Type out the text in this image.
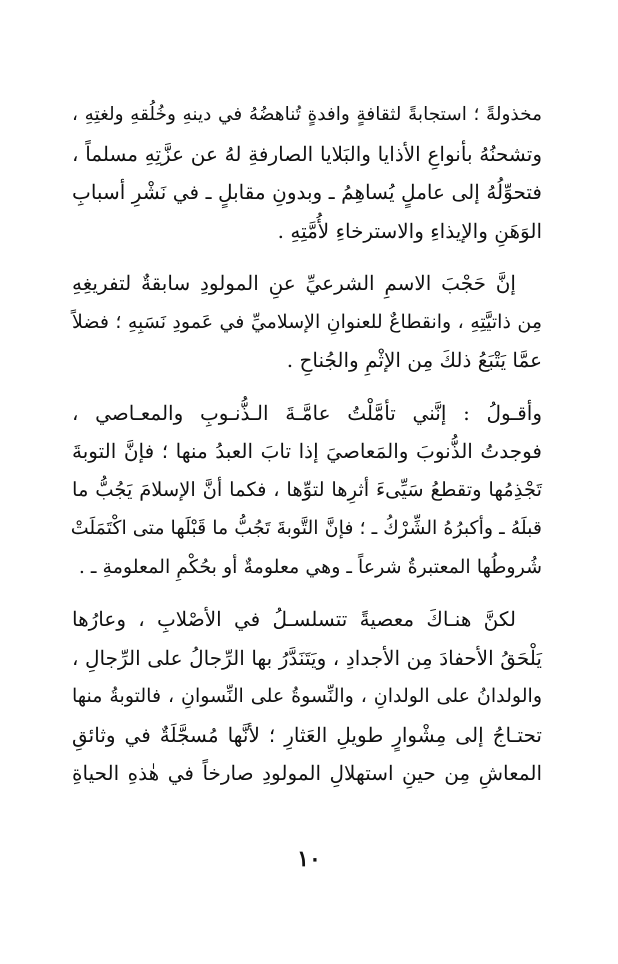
مخذولةً ؛ استجابةً لثقافةٍ وافدةٍ تُناهضُهُ في دينهِ وخُلُقهِ ولغتِهِ ،
وتشحنُهُ بأنواعِ الأذايا والبَلايا الصارفةِ لهُ عن عزَّتِهِ مسلماً ،
فتحوِّلُهُ إلى عاملٍ يُساهِمُ ـ وبدونِ مقابلٍ ـ في نَشْرِ أسبابِ
الوَهَنِ والإيذاءِ والاسترخاءِ لأُمَّتِهِ .

إنَّ حَجْبَ الاسمِ الشرعيِّ عنِ المولودِ سابقةٌ لتفريغِهِ
مِن ذاتيَّتِهِ ، وانقطاعٌ للعنوانِ الإسلاميِّ في عَمودِ نَسَبِهِ ؛ فضلاً
عمَّا يَتْبَعُ ذلكَ مِن الإثْمِ والجُناحِ .

وأقـولُ : إنَّني تأمَّلْتُ عامَّـةَ الـذُّنـوبِ والمعـاصي ،
فوجدتُ الذُّنوبَ والمَعاصيَ إذا تابَ العبدُ منها ؛ فإنَّ التوبةَ
تَجْذِمُها وتقطعُ سَيِّىءَ أثرِها لتوِّها ، فكما أنَّ الإسلامَ يَجُبُّ ما
قبلَهُ ـ وأكبرُهُ الشِّرْكُ ـ ؛ فإنَّ التَّوبةَ تَجُبُّ ما قَبْلَها متى اكْتَمَلَتْ
شُروطُها المعتبرةُ شرعاً ـ وهي معلومةٌ أو بحُكْمِ المعلومةِ ـ .

لكنَّ هنـاكَ معصيةً تتسلسـلُ في الأصْلابِ ، وعارُها
يَلْحَقُ الأحفادَ مِن الأجدادِ ، ويَتَنَدَّرُ بها الرِّجالُ على الرِّجالِ ،
والولدانُ على الولدانِ ، والنِّسوةُ على النِّسوانِ ، فالتوبةُ منها
تحتـاجُ إلى مِشْوارٍ طويلِ العَثارِ ؛ لأنَّها مُسجَّلَةٌ في وثائقِ
المعاشِ مِن حينِ استهلالِ المولودِ صارخاً في هٰذهِ الحياةِ

١٠
